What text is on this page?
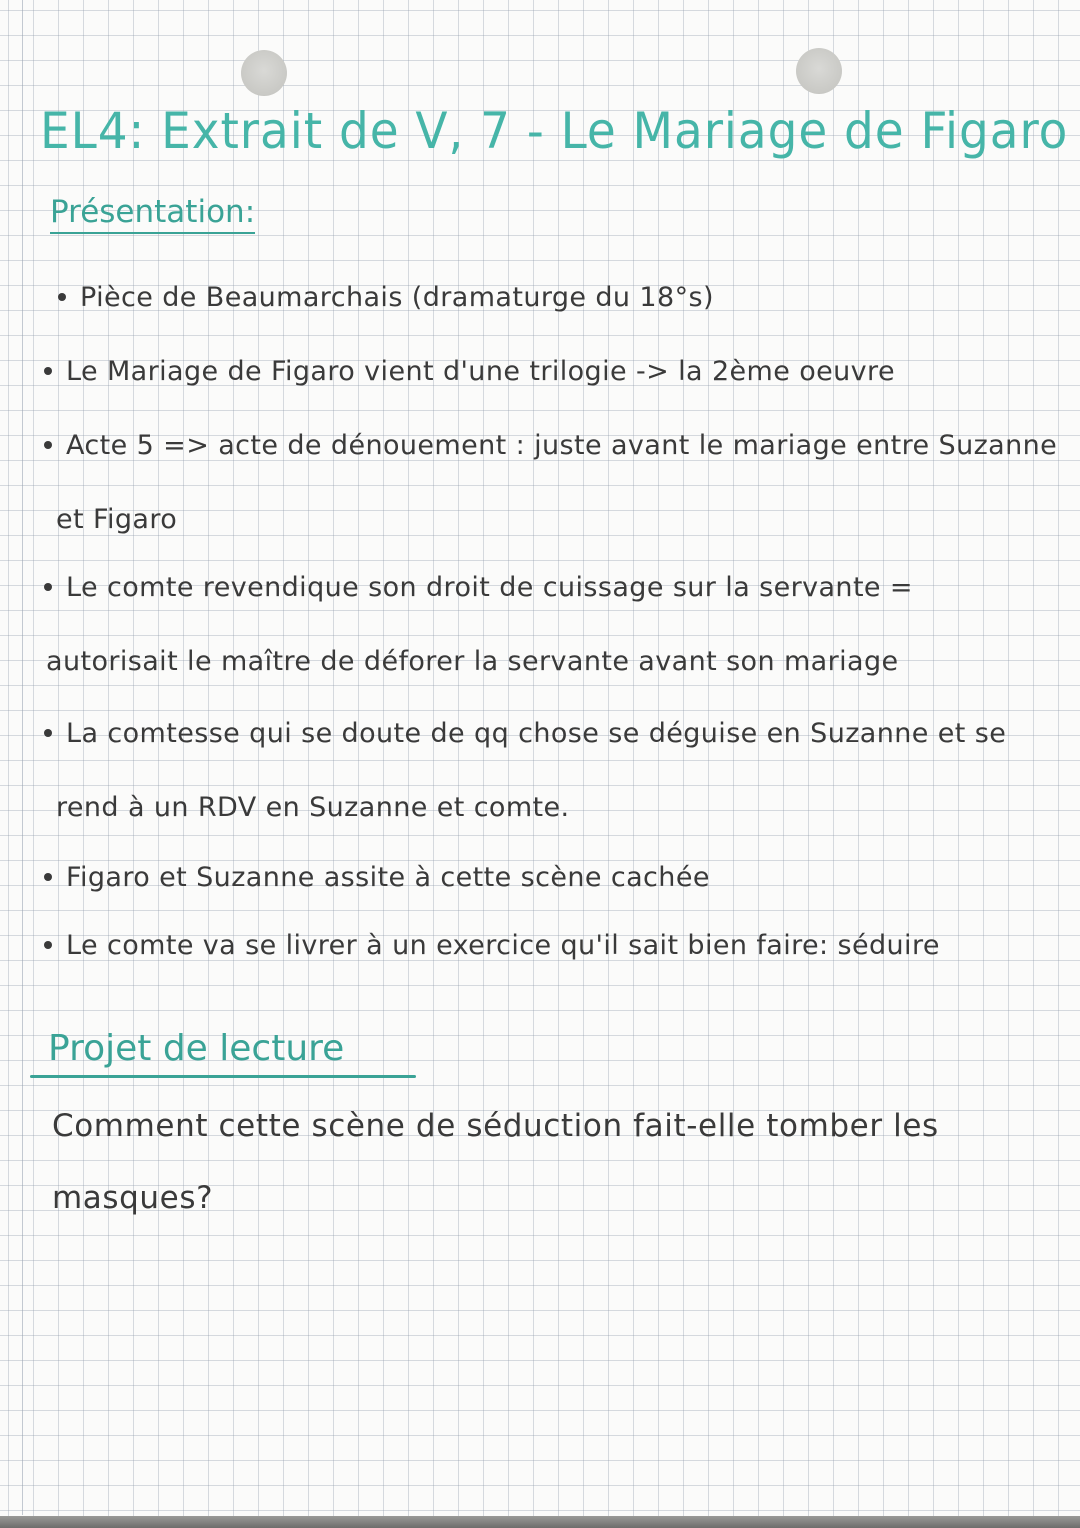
EL4: Extrait de V, 7 - Le Mariage de Figaro
Présentation:
Pièce de Beaumarchais (dramaturge du 18°s)
Le Mariage de Figaro vient d'une trilogie -> la 2ème oeuvre
Acte 5 => acte de dénouement : juste avant le mariage entre Suzanne
et Figaro
Le comte revendique son droit de cuissage sur la servante =
autorisait le maître de déforer la servante avant son mariage
La comtesse qui se doute de qq chose se déguise en Suzanne et se
rend à un RDV en Suzanne et comte.
Figaro et Suzanne assite à cette scène cachée
Le comte va se livrer à un exercice qu'il sait bien faire: séduire
Projet de lecture
Comment cette scène de séduction fait-elle tomber les
masques?
